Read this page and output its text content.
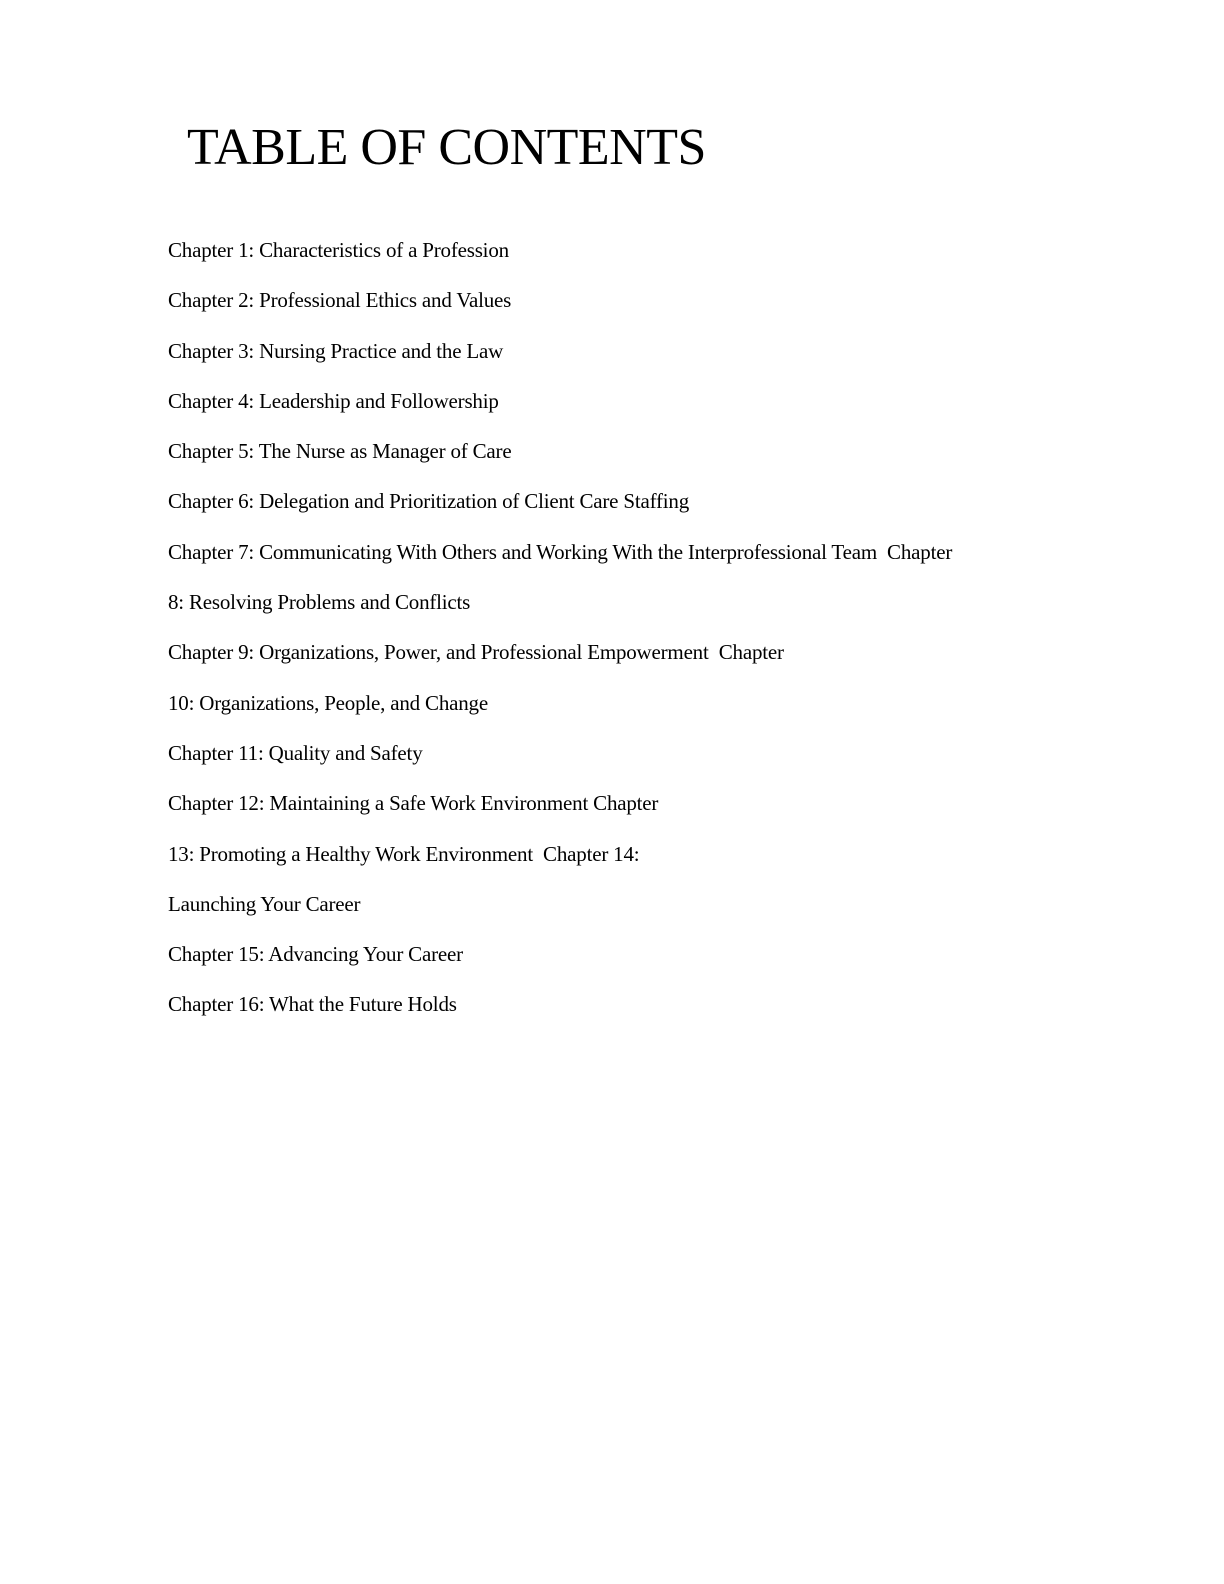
TABLE OF CONTENTS
Chapter 1: Characteristics of a Profession
Chapter 2: Professional Ethics and Values
Chapter 3: Nursing Practice and the Law
Chapter 4: Leadership and Followership
Chapter 5: The Nurse as Manager of Care
Chapter 6: Delegation and Prioritization of Client Care Staffing
Chapter 7: Communicating With Others and Working With the Interprofessional Team  Chapter
8: Resolving Problems and Conflicts
Chapter 9: Organizations, Power, and Professional Empowerment  Chapter
10: Organizations, People, and Change
Chapter 11: Quality and Safety
Chapter 12: Maintaining a Safe Work Environment Chapter
13: Promoting a Healthy Work Environment  Chapter 14:
Launching Your Career
Chapter 15: Advancing Your Career
Chapter 16: What the Future Holds
